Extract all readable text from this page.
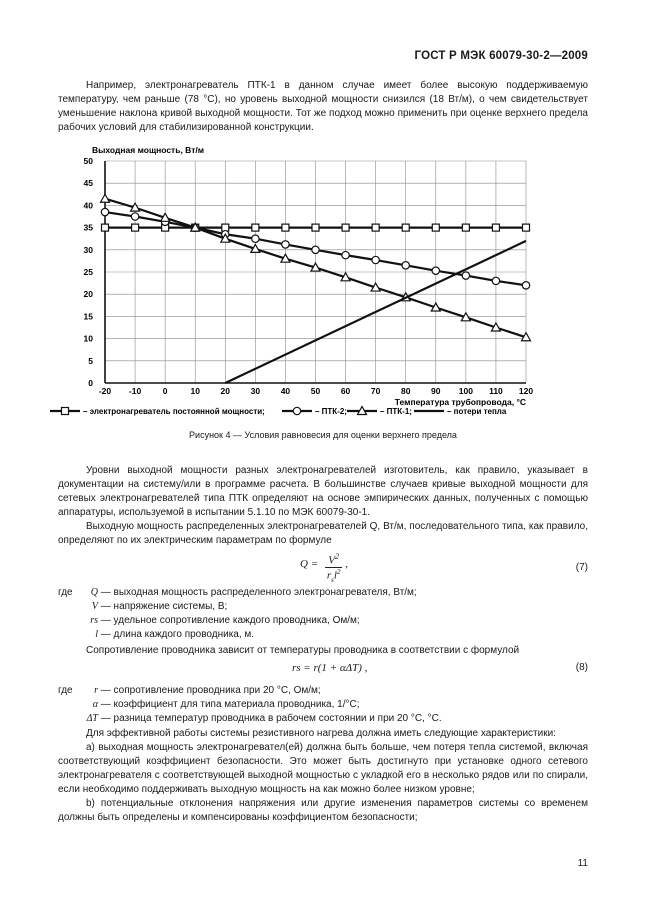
ГОСТ Р МЭК 60079-30-2—2009
Например, электронагреватель ПТК-1 в данном случае имеет более высокую поддерживаемую температуру, чем раньше (78 °С), но уровень выходной мощности снизился (18 Вт/м), о чем свидетельствует уменьшение наклона кривой выходной мощности. Тот же подход можно применить при оценке верхнего предела рабочих условий для стабилизированной конструкции.
-20 -10	0	10 20 30 40 50 60 70 80 90 100 110 120
0
5
10
15
20
25
30
35
40
45
50
Выходная мощность, Вт/м
Температура трубопровода, °С
– электронагреватель постоянной мощности;	– ПТК-2;	– ПТК-1;	– потери тепла
Рисунок 4 — Условия равновесия для оценки верхнего предела
Уровни выходной мощности разных электронагревателей изготовитель, как правило, указывает в документации на систему/или в программе расчета. В большинстве случаев кривые выходной мощности для сетевых электронагревателей типа ПТК определяют на основе эмпирических данных, полученных с помощью аппаратуры, используемой в испытании 5.1.10 по МЭК 60079-30-1.
Выходную мощность распределенных электронагревателей Q, Вт/м, последовательного типа, как правило, определяют по их электрическим параметрам по формуле
$Q = V^2$
$r_sl^2$
,	(7)
где Q — выходная мощность распределенного электронагревателя, Вт/м;
V — напряжение системы, В;
rs — удельное сопротивление каждого проводника, Ом/м;
l — длина каждого проводника, м.
Сопротивление проводника зависит от температуры проводника в соответствии с формулой
rs = r(1 + αΔT) ,	(8)
где r — сопротивление проводника при 20 °С, Ом/м;
α — коэффициент для типа материала проводника, 1/°С;
ΔT — разница температур проводника в рабочем состоянии и при 20 °С, °С.
Для эффективной работы системы резистивного нагрева должна иметь следующие характеристики:
а) выходная мощность электронагревател(ей) должна быть больше, чем потеря тепла системой, включая соответствующий коэффициент безопасности. Это может быть достигнуто при установке одного сетевого электронагревателя с соответствующей выходной мощностью с укладкой его в несколько рядов или по спирали, если необходимо поддерживать выходную мощность на как можно более низком уровне;
b) потенциальные отклонения напряжения или другие изменения параметров системы со временем должны быть определены и компенсированы коэффициентом безопасности;
11
